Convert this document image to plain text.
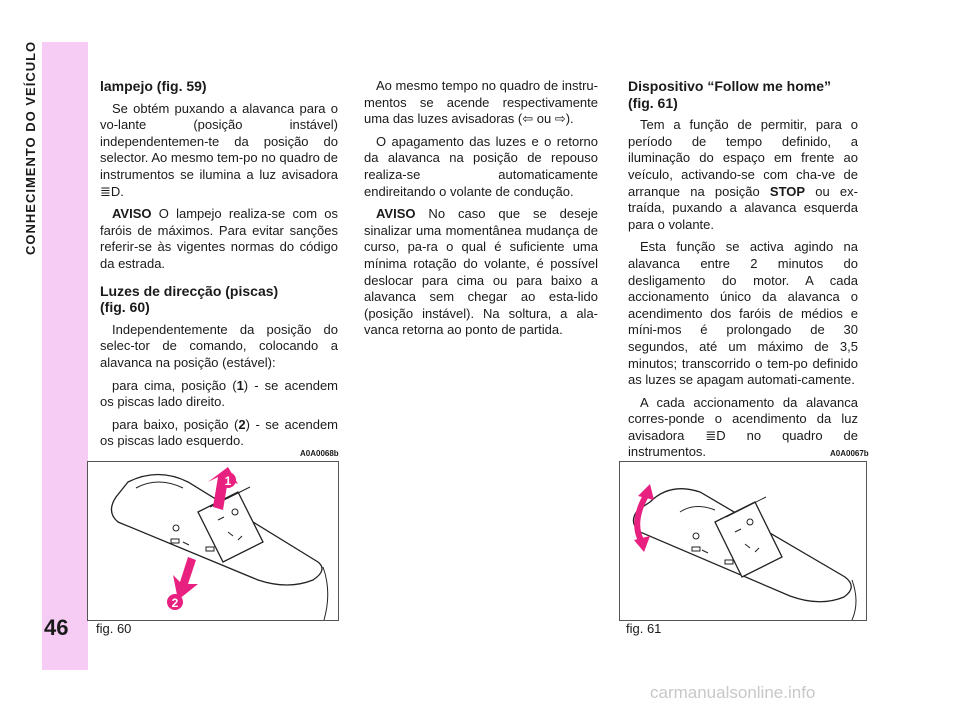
CONHECIMENTO DO VEÍCULO
46

lampejo (fig. 59)

Se obtém puxando a alavanca para o vo-lante (posição instável) independentemen-te da posição do selector. Ao mesmo tem-po no quadro de instrumentos se ilumina a luz avisadora ≣D.

AVISO O lampejo realiza-se com os faróis de máximos. Para evitar sanções referir-se às vigentes normas do código da estrada.

Luzes de direcção (piscas)
(fig. 60)

Independentemente da posição do selec-tor de comando, colocando a alavanca na posição (estável):

para cima, posição (1) - se acendem os piscas lado direito.

para baixo, posição (2) - se acendem os piscas lado esquerdo.

Ao mesmo tempo no quadro de instru-mentos se acende respectivamente uma das luzes avisadoras (⇦ ou ⇨).

O apagamento das luzes e o retorno da alavanca na posição de repouso realiza-se automaticamente endireitando o volante de condução.

AVISO No caso que se deseje sinalizar uma momentânea mudança de curso, pa-ra o qual é suficiente uma mínima rotação do volante, é possível deslocar para cima ou para baixo a alavanca sem chegar ao esta-lido (posição instável). Na soltura, a ala-vanca retorna ao ponto de partida.

Dispositivo “Follow me home”
(fig. 61)

Tem a função de permitir, para o período de tempo definido, a iluminação do espaço em frente ao veículo, activando-se com cha-ve de arranque na posição STOP ou ex-traída, puxando a alavanca esquerda para o volante.

Esta função se activa agindo na alavanca entre 2 minutos do desligamento do motor. A cada accionamento único da alavanca o acendimento dos faróis de médios e míni-mos é prolongado de 30 segundos, até um máximo de 3,5 minutos; transcorrido o tem-po definido as luzes se apagam automati-camente.

A cada accionamento da alavanca corres-ponde o acendimento da luz avisadora ≣D no quadro de instrumentos.

A0A0068b
1
2
fig. 60
A0A0067b
fig. 61
carmanualsonline.info
